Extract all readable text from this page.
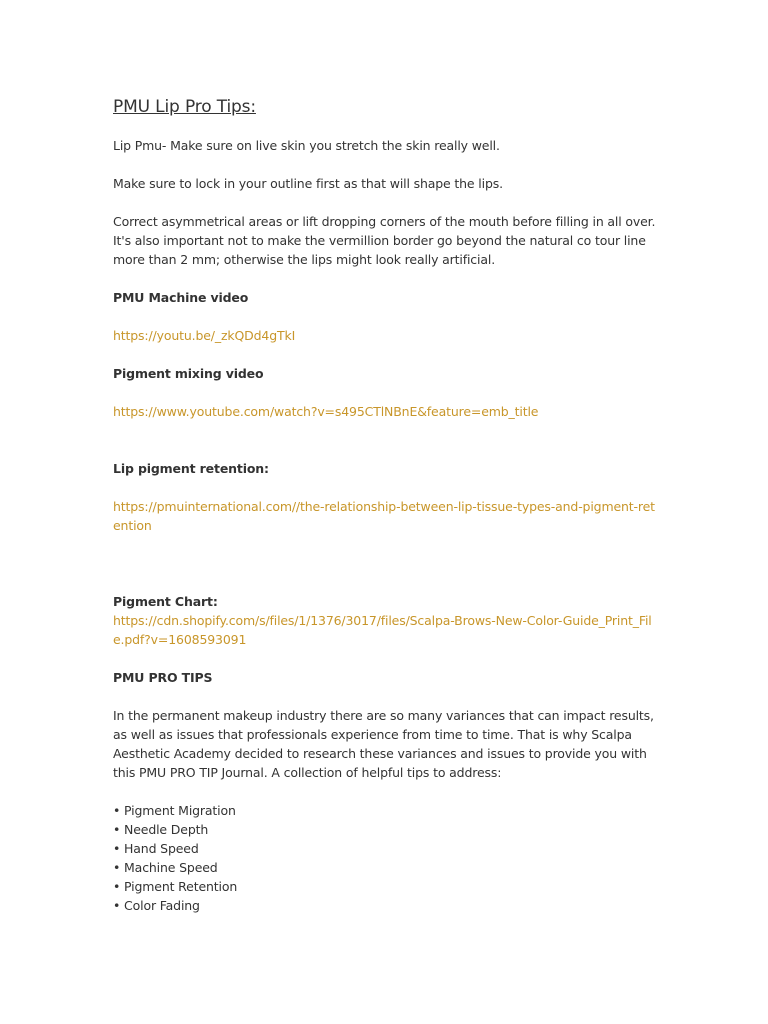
PMU Lip Pro Tips:

Lip Pmu- Make sure on live skin you stretch the skin really well.

Make sure to lock in your outline first as that will shape the lips.

Correct asymmetrical areas or lift dropping corners of the mouth before filling in all over.

It's also important not to make the vermillion border go beyond the natural co tour line more than 2 mm; otherwise the lips might look really artificial.

PMU Machine video

https://youtu.be/_zkQDd4gTkI

Pigment mixing video

https://www.youtube.com/watch?v=s495CTlNBnE&feature=emb_title

Lip pigment retention:

https://pmuinternational.com//the-relationship-between-lip-tissue-types-and-pigment-retention

Pigment Chart:

https://cdn.shopify.com/s/files/1/1376/3017/files/Scalpa-Brows-New-Color-Guide_Print_File.pdf?v=1608593091

PMU PRO TIPS

In the permanent makeup industry there are so many variances that can impact results, as well as issues that professionals experience from time to time. That is why Scalpa Aesthetic Academy decided to research these variances and issues to provide you with this PMU PRO TIP Journal. A collection of helpful tips to address:

• Pigment Migration
• Needle Depth
• Hand Speed
• Machine Speed
• Pigment Retention
• Color Fading
